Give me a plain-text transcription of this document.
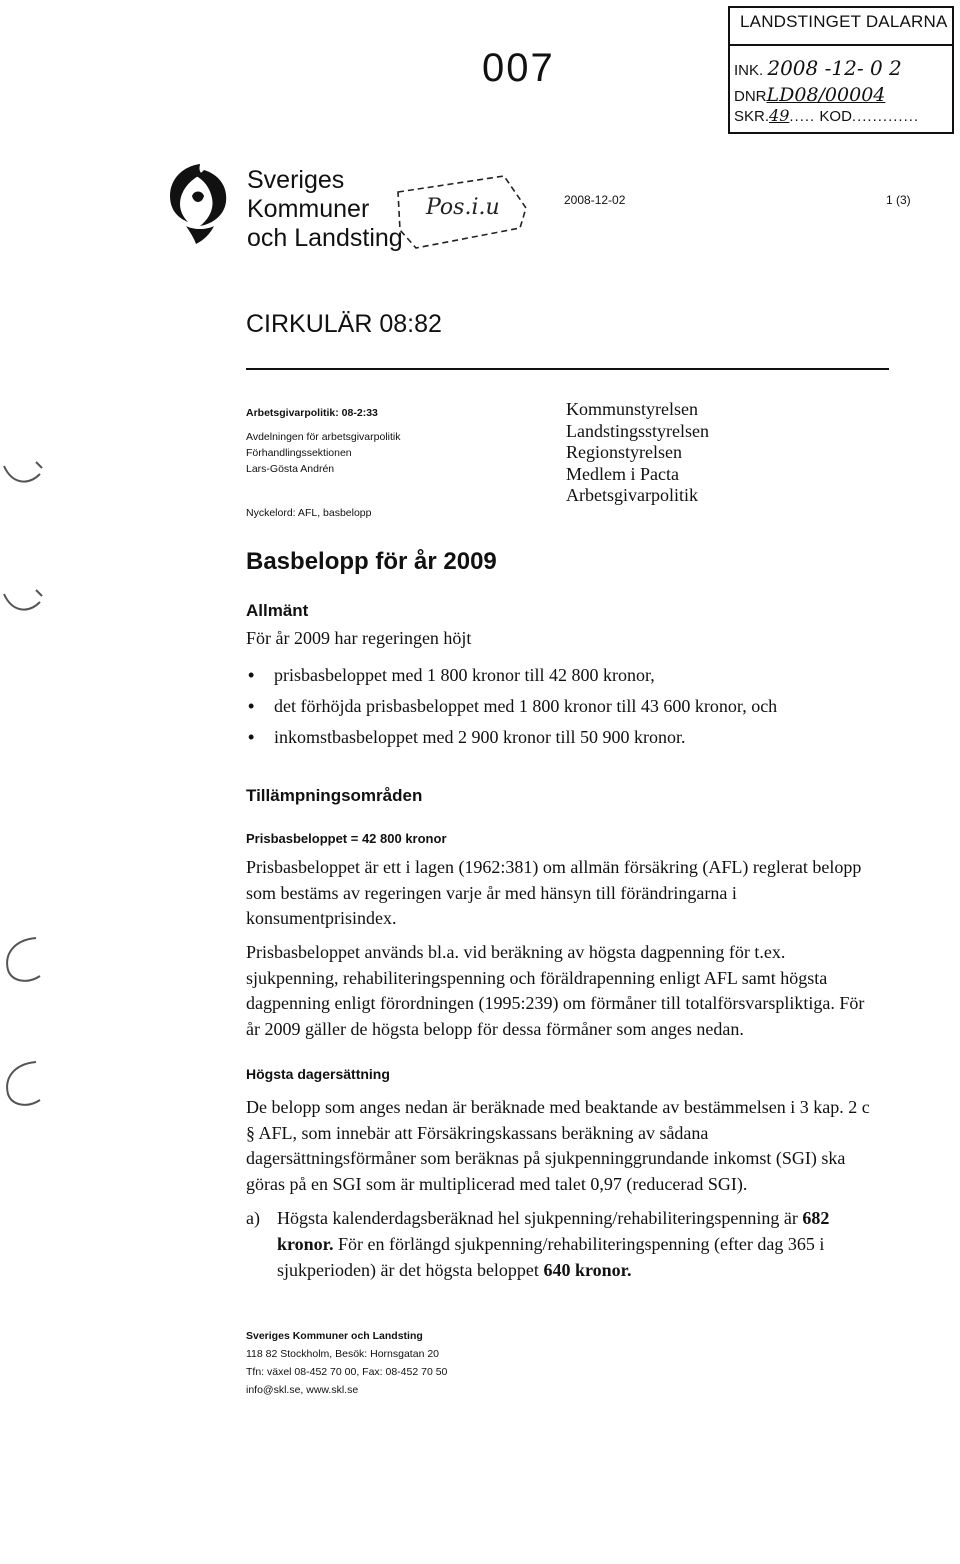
LANDSTINGET DALARNA
INK. 2008 -12- 0 2
DNRLD08/00004
SKR.49..... KOD.............
007
Sveriges
Kommuner
och Landsting
Pos.i.u	2008-12-02	1 (3)
CIRKULÄR 08:82
Arbetsgivarpolitik: 08-2:33
Avdelningen för arbetsgivarpolitik
Förhandlingssektionen
Lars-Gösta Andrén
Nyckelord: AFL, basbelopp
Kommunstyrelsen
Landstingsstyrelsen
Regionstyrelsen
Medlem i Pacta
Arbetsgivarpolitik
Basbelopp för år 2009
Allmänt
För år 2009 har regeringen höjt
• prisbasbeloppet med 1 800 kronor till 42 800 kronor,
• det förhöjda prisbasbeloppet med 1 800 kronor till 43 600 kronor, och
• inkomstbasbeloppet med 2 900 kronor till 50 900 kronor.
Tillämpningsområden
Prisbasbeloppet = 42 800 kronor
Prisbasbeloppet är ett i lagen (1962:381) om allmän försäkring (AFL) reglerat belopp som bestäms av regeringen varje år med hänsyn till förändringarna i konsumentprisindex.
Prisbasbeloppet används bl.a. vid beräkning av högsta dagpenning för t.ex. sjukpenning, rehabiliteringspenning och föräldrapenning enligt AFL samt högsta dagpenning enligt förordningen (1995:239) om förmåner till totalförsvarspliktiga. För år 2009 gäller de högsta belopp för dessa förmåner som anges nedan.
Högsta dagersättning
De belopp som anges nedan är beräknade med beaktande av bestämmelsen i 3 kap. 2 c § AFL, som innebär att Försäkringskassans beräkning av sådana dagersättningsförmåner som beräknas på sjukpenninggrundande inkomst (SGI) ska göras på en SGI som är multiplicerad med talet 0,97 (reducerad SGI).
a) Högsta kalenderdagsberäknad hel sjukpenning/rehabiliteringspenning är 682 kronor. För en förlängd sjukpenning/rehabiliteringspenning (efter dag 365 i sjukperioden) är det högsta beloppet 640 kronor.
Sveriges Kommuner och Landsting
118 82 Stockholm, Besök: Hornsgatan 20
Tfn: växel 08-452 70 00, Fax: 08-452 70 50
info@skl.se, www.skl.se
